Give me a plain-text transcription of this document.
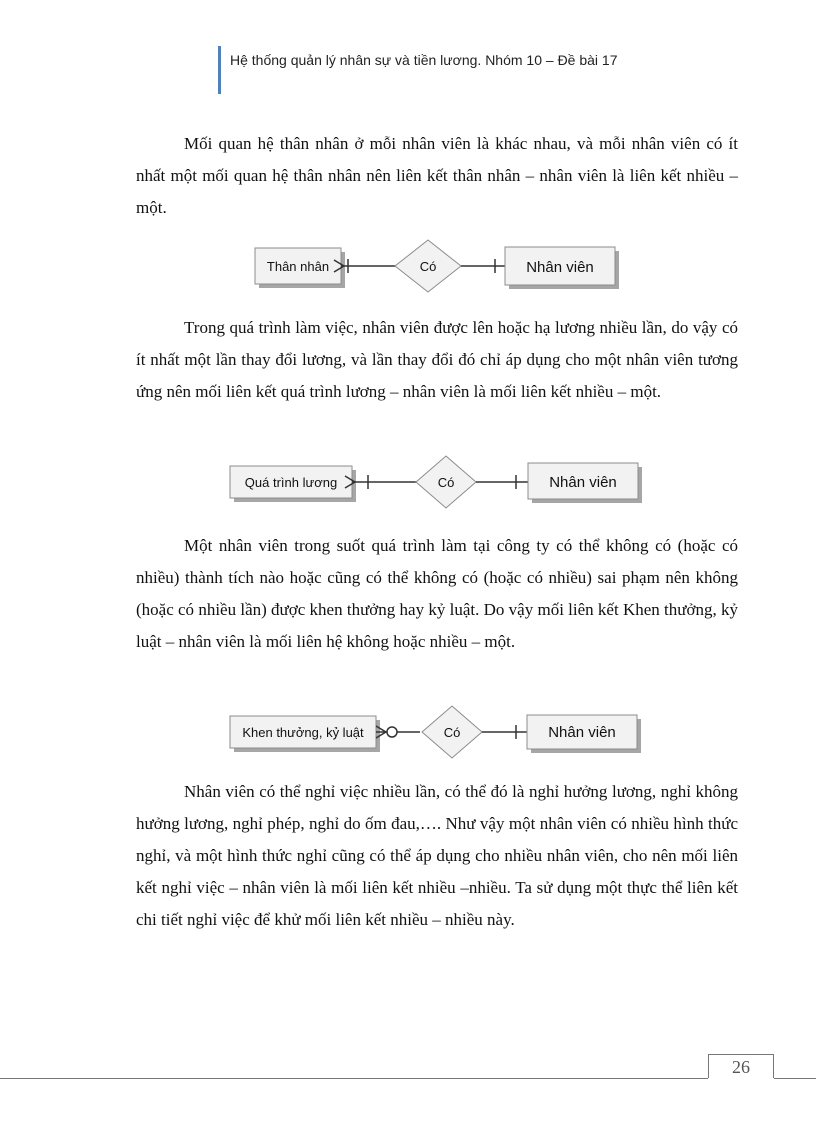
Hệ thống quản lý nhân sự và tiền lương. Nhóm 10 – Đề bài 17

Mối quan hệ thân nhân ở mỗi nhân viên là khác nhau, và mỗi nhân viên có ít nhất một mối quan hệ thân nhân nên liên kết thân nhân – nhân viên là liên kết nhiều – một.

Thân nhân	Có	Nhân viên

Trong quá trình làm việc, nhân viên được lên hoặc hạ lương nhiều lần, do vậy có ít nhất một lần thay đổi lương, và lần thay đổi đó chỉ áp dụng cho một nhân viên tương ứng nên mối liên kết quá trình lương – nhân viên là mối liên kết nhiều – một.

Quá trình lương	Có	Nhân viên

Một nhân viên trong suốt quá trình làm tại công ty có thể không có (hoặc có nhiều) thành tích nào hoặc cũng có thể không có (hoặc có nhiều) sai phạm nên không (hoặc có nhiều lần) được khen thưởng hay kỷ luật. Do vậy mối liên kết Khen thưởng, kỷ luật – nhân viên là mối liên hệ không hoặc nhiều – một.

Khen thưởng, kỷ luật	Có	Nhân viên

Nhân viên có thể nghỉ việc nhiều lần, có thể đó là nghỉ hưởng lương, nghỉ không hưởng lương, nghỉ phép, nghỉ do ốm đau,…. Như vậy một nhân viên có nhiều hình thức nghỉ, và một hình thức nghỉ cũng có thể áp dụng cho nhiều nhân viên, cho nên mối liên kết nghỉ việc – nhân viên là mối liên kết nhiều –nhiều. Ta sử dụng một thực thể liên kết chi tiết nghỉ việc để khử mối liên kết nhiều – nhiều này.

26
